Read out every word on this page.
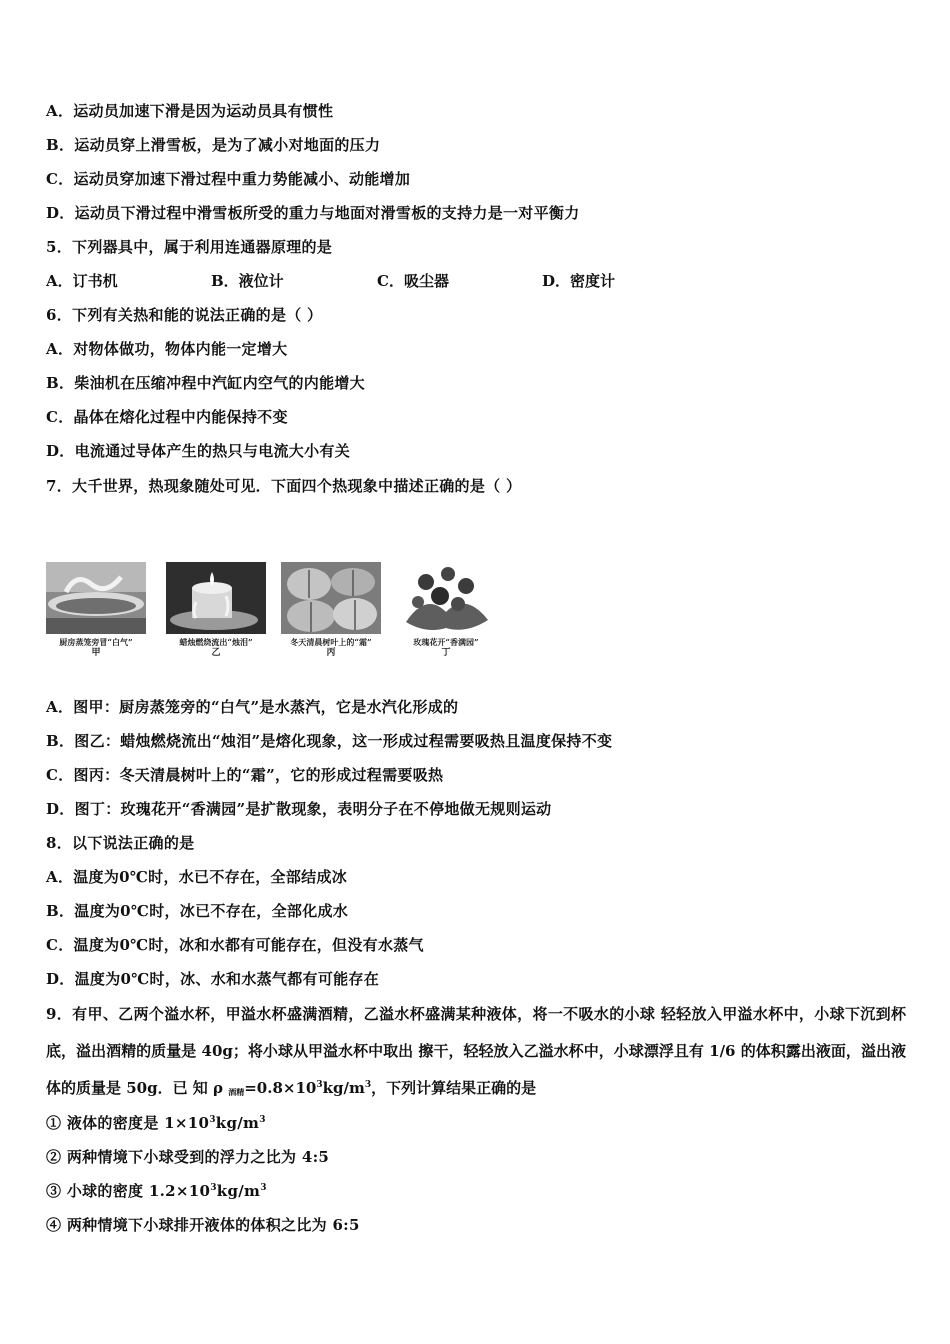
A．运动员加速下滑是因为运动员具有惯性
B．运动员穿上滑雪板，是为了减小对地面的压力
C．运动员穿加速下滑过程中重力势能减小、动能增加
D．运动员下滑过程中滑雪板所受的重力与地面对滑雪板的支持力是一对平衡力
5．下列器具中，属于利用连通器原理的是
A．订书机	B．液位计	C．吸尘器	D．密度计
6．下列有关热和能的说法正确的是（ ）
A．对物体做功，物体内能一定增大
B．柴油机在压缩冲程中汽缸内空气的内能增大
C．晶体在熔化过程中内能保持不变
D．电流通过导体产生的热只与电流大小有关
7．大千世界，热现象随处可见．下面四个热现象中描述正确的是（ ）
厨房蒸笼旁冒“白气”
甲
蜡烛燃烧流出“烛泪”
乙
冬天清晨树叶上的“霜”
丙
玫瑰花开“香满园”
丁
A．图甲：厨房蒸笼旁的“白气”是水蒸汽，它是水汽化形成的
B．图乙：蜡烛燃烧流出“烛泪”是熔化现象，这一形成过程需要吸热且温度保持不变
C．图丙：冬天清晨树叶上的“霜”，它的形成过程需要吸热
D．图丁：玫瑰花开“香满园”是扩散现象，表明分子在不停地做无规则运动
8．以下说法正确的是
A．温度为0℃时，水已不存在，全部结成冰
B．温度为0℃时，冰已不存在，全部化成水
C．温度为0℃时，冰和水都有可能存在，但没有水蒸气
D．温度为0℃时，冰、水和水蒸气都有可能存在
9．有甲、乙两个溢水杯，甲溢水杯盛满酒精，乙溢水杯盛满某种液体，将一不吸水的小球 轻轻放入甲溢水杯中，小球下沉到杯底，溢出酒精的质量是 40g；将小球从甲溢水杯中取出 擦干，轻轻放入乙溢水杯中，小球漂浮且有 1/6 的体积露出液面，溢出液体的质量是 50g．已 知 ρ $_{酒精}=0.8\times 10^3kg/m^3$，下列计算结果正确的是
① 液体的密度是 $1\times 10^3kg/m^3$
② 两种情境下小球受到的浮力之比为 4:5
③ 小球的密度 $1.2\times 10^3kg/m^3$
④ 两种情境下小球排开液体的体积之比为 6:5
